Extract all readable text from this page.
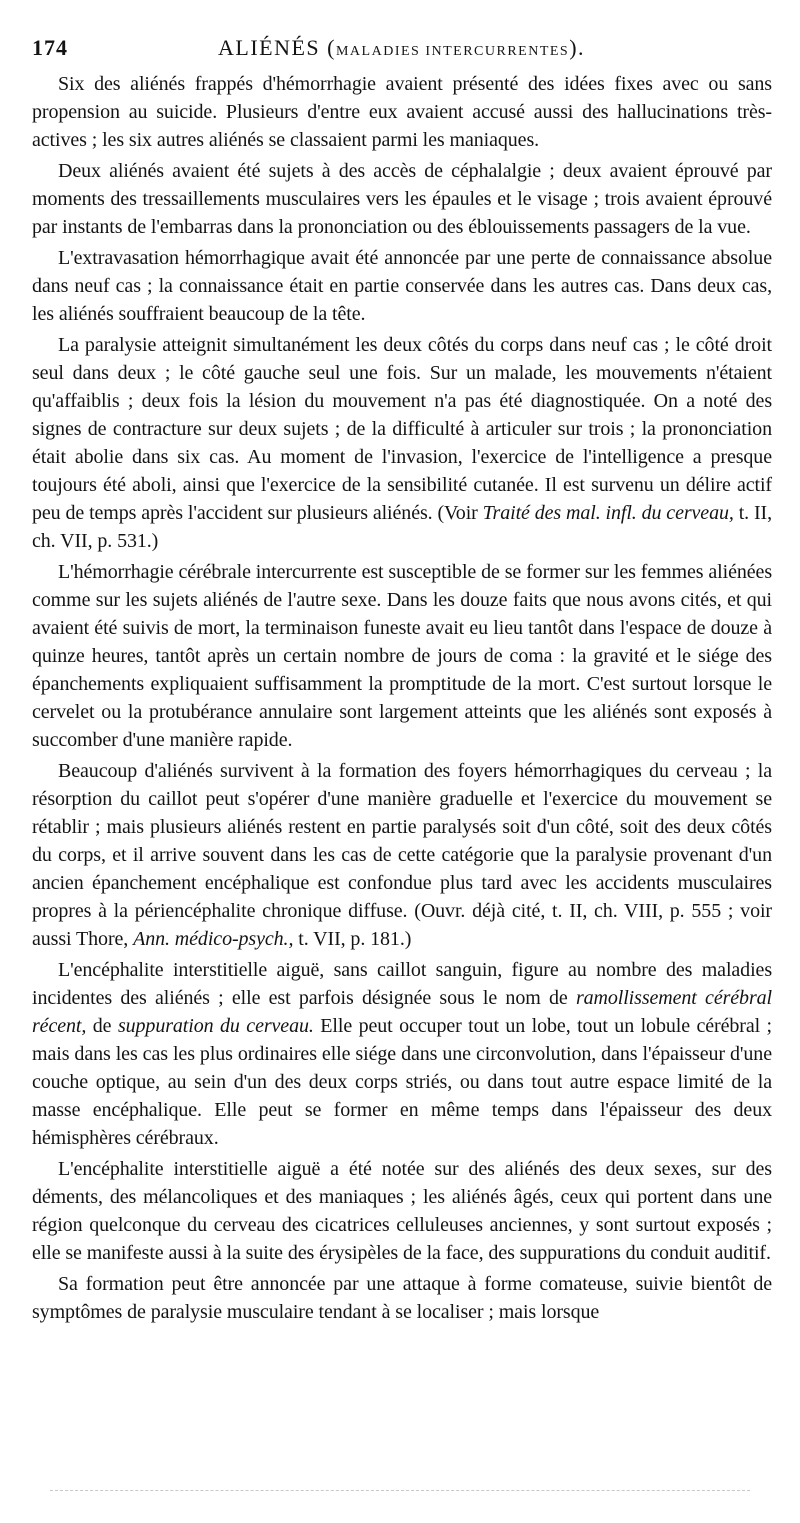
174	ALIÉNÉS (MALADIES INTERCURRENTES).

Six des aliénés frappés d'hémorrhagie avaient présenté des idées fixes avec ou sans propension au suicide. Plusieurs d'entre eux avaient accusé aussi des hallucinations très-actives ; les six autres aliénés se classaient parmi les maniaques.

Deux aliénés avaient été sujets à des accès de céphalalgie ; deux avaient éprouvé par moments des tressaillements musculaires vers les épaules et le visage ; trois avaient éprouvé par instants de l'embarras dans la prononciation ou des éblouissements passagers de la vue.

L'extravasation hémorrhagique avait été annoncée par une perte de connaissance absolue dans neuf cas ; la connaissance était en partie conservée dans les autres cas. Dans deux cas, les aliénés souffraient beaucoup de la tête.

La paralysie atteignit simultanément les deux côtés du corps dans neuf cas ; le côté droit seul dans deux ; le côté gauche seul une fois. Sur un malade, les mouvements n'étaient qu'affaiblis ; deux fois la lésion du mouvement n'a pas été diagnostiquée. On a noté des signes de contracture sur deux sujets ; de la difficulté à articuler sur trois ; la prononciation était abolie dans six cas. Au moment de l'invasion, l'exercice de l'intelligence a presque toujours été aboli, ainsi que l'exercice de la sensibilité cutanée. Il est survenu un délire actif peu de temps après l'accident sur plusieurs aliénés. (Voir Traité des mal. infl. du cerveau, t. II, ch. VII, p. 531.)

L'hémorrhagie cérébrale intercurrente est susceptible de se former sur les femmes aliénées comme sur les sujets aliénés de l'autre sexe. Dans les douze faits que nous avons cités, et qui avaient été suivis de mort, la terminaison funeste avait eu lieu tantôt dans l'espace de douze à quinze heures, tantôt après un certain nombre de jours de coma : la gravité et le siége des épanchements expliquaient suffisamment la promptitude de la mort. C'est surtout lorsque le cervelet ou la protubérance annulaire sont largement atteints que les aliénés sont exposés à succomber d'une manière rapide.

Beaucoup d'aliénés survivent à la formation des foyers hémorrhagiques du cerveau ; la résorption du caillot peut s'opérer d'une manière graduelle et l'exercice du mouvement se rétablir ; mais plusieurs aliénés restent en partie paralysés soit d'un côté, soit des deux côtés du corps, et il arrive souvent dans les cas de cette catégorie que la paralysie provenant d'un ancien épanchement encéphalique est confondue plus tard avec les accidents musculaires propres à la périencéphalite chronique diffuse. (Ouvr. déjà cité, t. II, ch. VIII, p. 555 ; voir aussi Thore, Ann. médico-psych., t. VII, p. 181.)

L'encéphalite interstitielle aiguë, sans caillot sanguin, figure au nombre des maladies incidentes des aliénés ; elle est parfois désignée sous le nom de ramollissement cérébral récent, de suppuration du cerveau. Elle peut occuper tout un lobe, tout un lobule cérébral ; mais dans les cas les plus ordinaires elle siége dans une circonvolution, dans l'épaisseur d'une couche optique, au sein d'un des deux corps striés, ou dans tout autre espace limité de la masse encéphalique. Elle peut se former en même temps dans l'épaisseur des deux hémisphères cérébraux.

L'encéphalite interstitielle aiguë a été notée sur des aliénés des deux sexes, sur des déments, des mélancoliques et des maniaques ; les aliénés âgés, ceux qui portent dans une région quelconque du cerveau des cicatrices celluleuses anciennes, y sont surtout exposés ; elle se manifeste aussi à la suite des érysipèles de la face, des suppurations du conduit auditif.

Sa formation peut être annoncée par une attaque à forme comateuse, suivie bientôt de symptômes de paralysie musculaire tendant à se localiser ; mais lorsque
